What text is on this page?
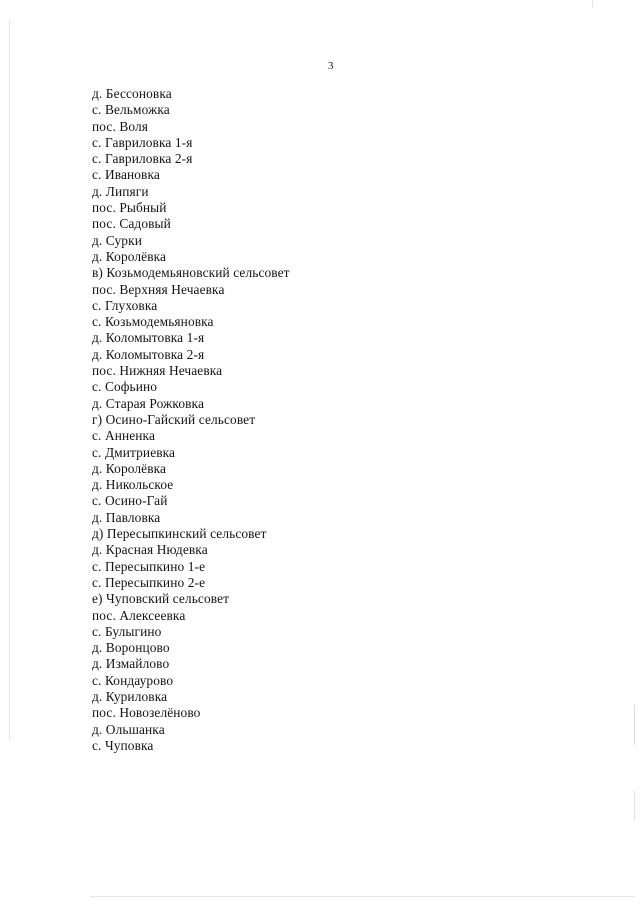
3
д. Бессоновка
с. Вельможка
пос. Воля
с. Гавриловка 1-я
с. Гавриловка 2-я
с. Ивановка
д. Липяги
пос. Рыбный
пос. Садовый
д. Сурки
д. Королёвка
в) Козьмодемьяновский сельсовет
пос. Верхняя Нечаевка
с. Глуховка
с. Козьмодемьяновка
д. Коломытовка 1-я
д. Коломытовка 2-я
пос. Нижняя Нечаевка
с. Софьино
д. Старая Рожковка
г) Осино-Гайский сельсовет
с. Анненка
с. Дмитриевка
д. Королёвка
д. Никольское
с. Осино-Гай
д. Павловка
д) Пересыпкинский сельсовет
д. Красная Нюдевка
с. Пересыпкино 1-е
с. Пересыпкино 2-е
е) Чуповский сельсовет
пос. Алексеевка
с. Булыгино
д. Воронцово
д. Измайлово
с. Кондаурово
д. Куриловка
пос. Новозелёново
д. Ольшанка
с. Чуповка
